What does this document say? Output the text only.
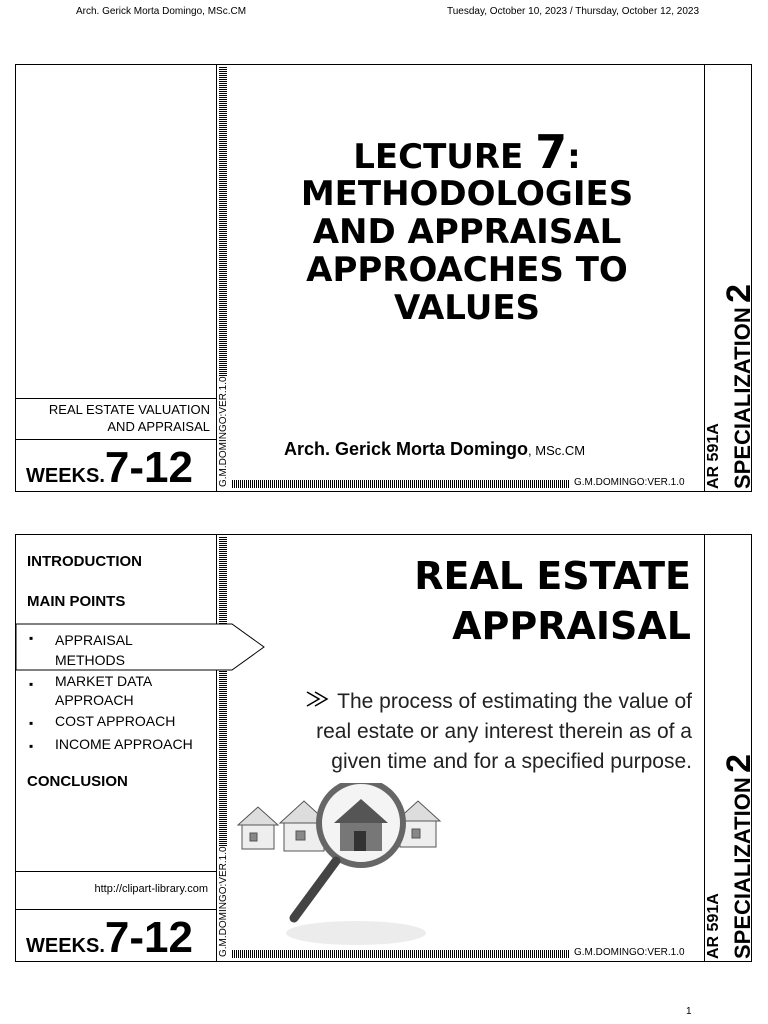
Arch. Gerick Morta Domingo, MSc.CM	Tuesday, October 10, 2023 / Thursday, October 12, 2023
G.M.DOMINGO:VER.1.0
REAL ESTATE VALUATION
AND APPRAISAL
WEEKS.7-12
LECTURE 7:
METHODOLOGIES
AND APPRAISAL
APPROACHES TO
VALUES
Arch. Gerick Morta Domingo, MSc.CM
G.M.DOMINGO:VER.1.0 AR 591A SPECIALIZATION 2
G.M.DOMINGO:VER.1.0
INTRODUCTION
MAIN POINTS
▪ APPRAISAL METHODS
▪ MARKET DATA APPROACH
▪ COST APPROACH
▪ INCOME APPROACH
CONCLUSION
http://clipart-library.com
WEEKS.7-12
REAL ESTATE
APPRAISAL
The process of estimating the value of real estate or any interest therein as of a given time and for a specified purpose.
G.M.DOMINGO:VER.1.0 AR 591A SPECIALIZATION 2
1
